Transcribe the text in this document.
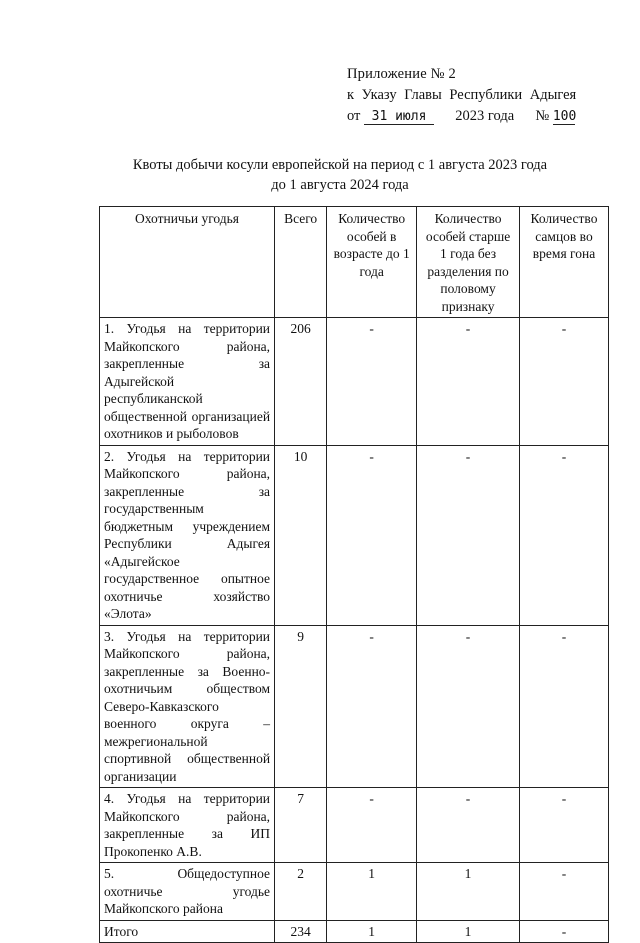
Приложение № 2
к Указу Главы Республики Адыгея
от 31 июля 2023 года № 100
Квоты добычи косули европейской на период с 1 августа 2023 года
до 1 августа 2024 года
Охотничьи угодья	Всего	Количество особей в возрасте до 1 года	Количество особей старше 1 года без разделения по половому признаку	Количество самцов во время гона
1. Угодья на территории Майкопского района, закрепленные за Адыгейской республиканской общественной организацией охотников и рыболовов	206	-	-	-
2. Угодья на территории Майкопского района, закрепленные за государственным бюджетным учреждением Республики Адыгея «Адыгейское государственное опытное охотничье хозяйство «Элота»	10	-	-	-
3. Угодья на территории Майкопского района, закрепленные за Военно-охотничьим обществом Северо-Кавказского военного округа – межрегиональной спортивной общественной организации	9	-	-	-
4. Угодья на территории Майкопского района, закрепленные за ИП Прокопенко А.В.	7	-	-	-
5. Общедоступное охотничье угодье Майкопского района	2	1	1	-
Итого	234	1	1	-
